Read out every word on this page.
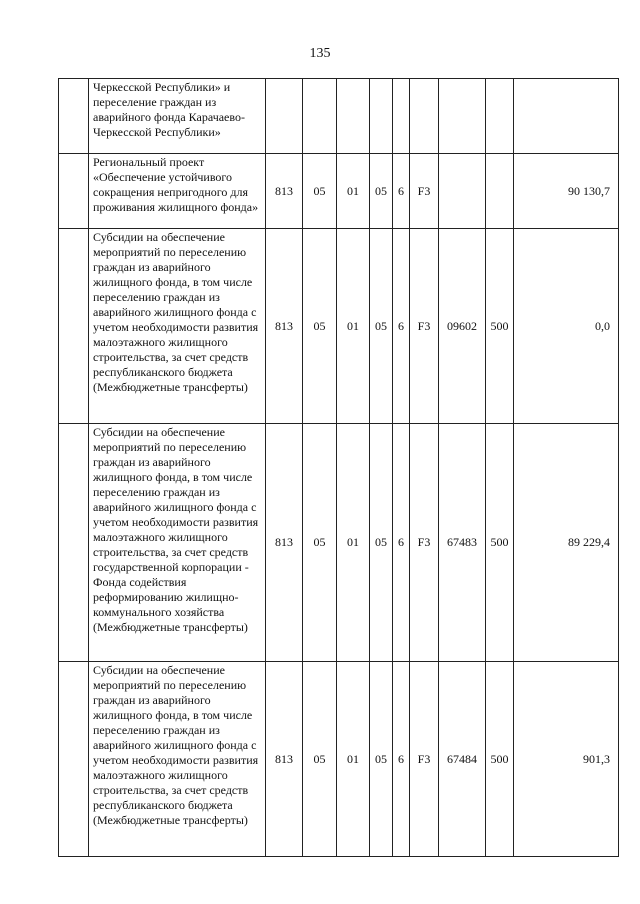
135
	Черкесской Республики» и переселение граждан из аварийного фонда Карачаево-Черкесской Республики»									
	Региональный проект «Обеспечение устойчивого сокращения непригодного для проживания жилищного фонда»	813	05	01	05	6	F3			90 130,7
	Субсидии на обеспечение мероприятий по переселению граждан из аварийного жилищного фонда, в том числе переселению граждан из аварийного жилищного фонда с учетом необходимости развития малоэтажного жилищного строительства, за счет средств республиканского бюджета (Межбюджетные трансферты)	813	05	01	05	6	F3	09602	500	0,0
	Субсидии на обеспечение мероприятий по переселению граждан из аварийного жилищного фонда, в том числе переселению граждан из аварийного жилищного фонда с учетом необходимости развития малоэтажного жилищного строительства, за счет средств государственной корпорации - Фонда содействия реформированию жилищно-коммунального хозяйства (Межбюджетные трансферты)	813	05	01	05	6	F3	67483	500	89 229,4
	Субсидии на обеспечение мероприятий по переселению граждан из аварийного жилищного фонда, в том числе переселению граждан из аварийного жилищного фонда с учетом необходимости развития малоэтажного жилищного строительства, за счет средств республиканского бюджета (Межбюджетные трансферты)	813	05	01	05	6	F3	67484	500	901,3
